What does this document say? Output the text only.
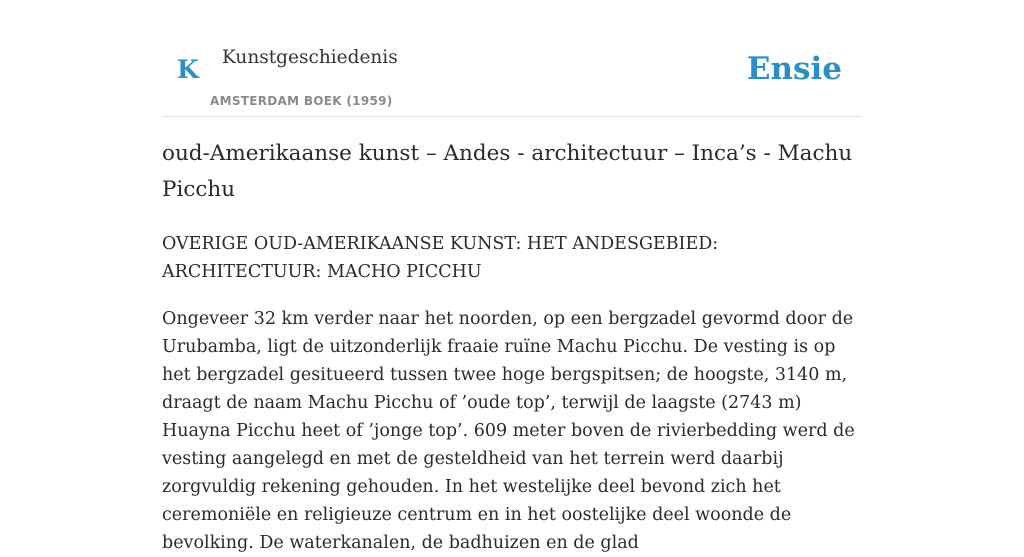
K Kunstgeschiedenis
AMSTERDAM BOEK (1959)
Ensie
oud-Amerikaanse kunst – Andes - architectuur – Inca’s - Machu Picchu
OVERIGE OUD-AMERIKAANSE KUNST: HET ANDESGEBIED: ARCHITECTUUR: MACHO PICCHU

Ongeveer 32 km verder naar het noorden, op een bergzadel gevormd door de Urubamba, ligt de uitzonderlijk fraaie ruïne Machu Picchu. De vesting is op het bergzadel gesitueerd tussen twee hoge bergspitsen; de hoogste, 3140 m, draagt de naam Machu Picchu of ’oude top’, terwijl de laagste (2743 m) Huayna Picchu heet of ’jonge top’. 609 meter boven de rivierbedding werd de vesting aangelegd en met de gesteldheid van het terrein werd daarbij zorgvuldig rekening gehouden. In het westelijke deel bevond zich het ceremoniële en religieuze centrum en in het oostelijke deel woonde de bevolking. De waterkanalen, de badhuizen en de glad
